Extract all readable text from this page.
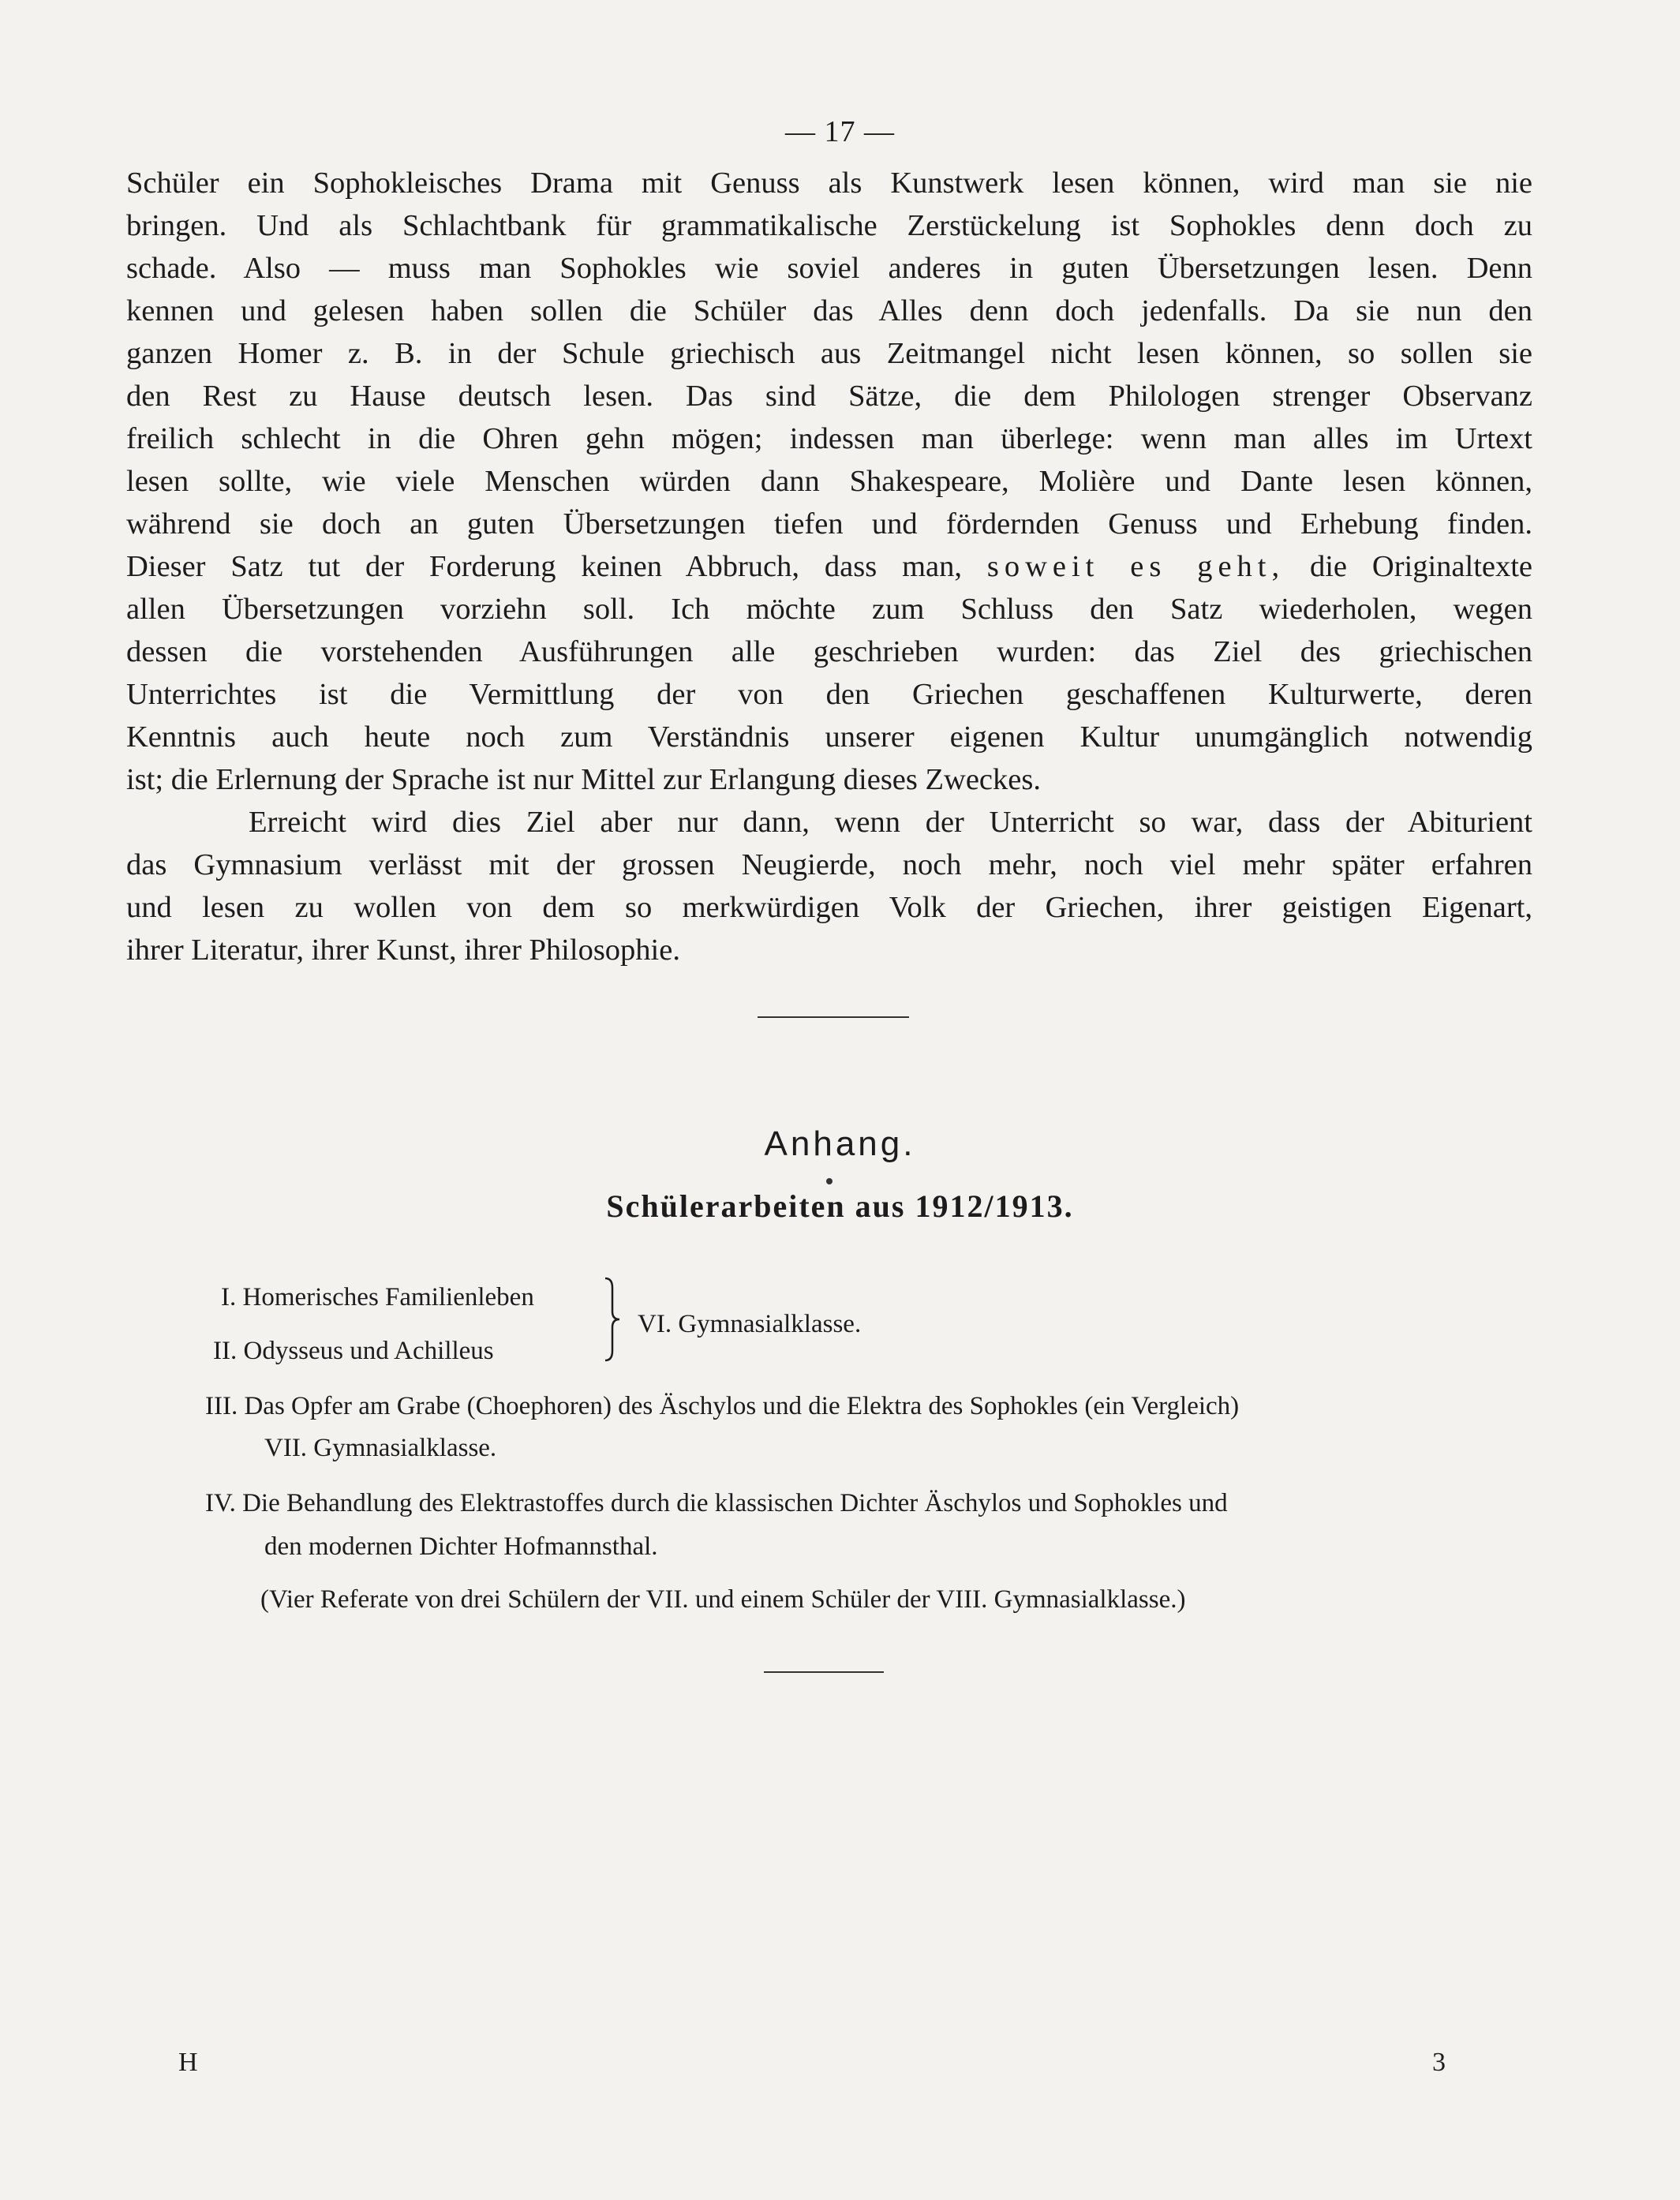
— 17 —
Schüler ein Sophokleisches Drama mit Genuss als Kunstwerk lesen können, wird man sie nie
bringen. Und als Schlachtbank für grammatikalische Zerstückelung ist Sophokles denn doch zu
schade. Also — muss man Sophokles wie soviel anderes in guten Übersetzungen lesen. Denn
kennen und gelesen haben sollen die Schüler das Alles denn doch jedenfalls. Da sie nun den
ganzen Homer z. B. in der Schule griechisch aus Zeitmangel nicht lesen können, so sollen sie
den Rest zu Hause deutsch lesen. Das sind Sätze, die dem Philologen strenger Observanz
freilich schlecht in die Ohren gehn mögen; indessen man überlege: wenn man alles im Urtext
lesen sollte, wie viele Menschen würden dann Shakespeare, Molière und Dante lesen können,
während sie doch an guten Übersetzungen tiefen und fördernden Genuss und Erhebung finden.
Dieser Satz tut der Forderung keinen Abbruch, dass man, soweit es geht, die Originaltexte
allen Übersetzungen vorziehn soll. Ich möchte zum Schluss den Satz wiederholen, wegen
dessen die vorstehenden Ausführungen alle geschrieben wurden: das Ziel des griechischen
Unterrichtes ist die Vermittlung der von den Griechen geschaffenen Kulturwerte, deren
Kenntnis auch heute noch zum Verständnis unserer eigenen Kultur unumgänglich notwendig
ist; die Erlernung der Sprache ist nur Mittel zur Erlangung dieses Zweckes.
Erreicht wird dies Ziel aber nur dann, wenn der Unterricht so war, dass der Abiturient
das Gymnasium verlässt mit der grossen Neugierde, noch mehr, noch viel mehr später erfahren
und lesen zu wollen von dem so merkwürdigen Volk der Griechen, ihrer geistigen Eigenart,
ihrer Literatur, ihrer Kunst, ihrer Philosophie.
Anhang.
Schülerarbeiten aus 1912/1913.
I. Homerisches Familienleben
II. Odysseus und Achilleus
VI. Gymnasialklasse.
III. Das Opfer am Grabe (Choephoren) des Äschylos und die Elektra des Sophokles (ein Vergleich)
VII. Gymnasialklasse.
IV. Die Behandlung des Elektrastoffes durch die klassischen Dichter Äschylos und Sophokles und
den modernen Dichter Hofmannsthal.
(Vier Referate von drei Schülern der VII. und einem Schüler der VIII. Gymnasialklasse.)
H	3
